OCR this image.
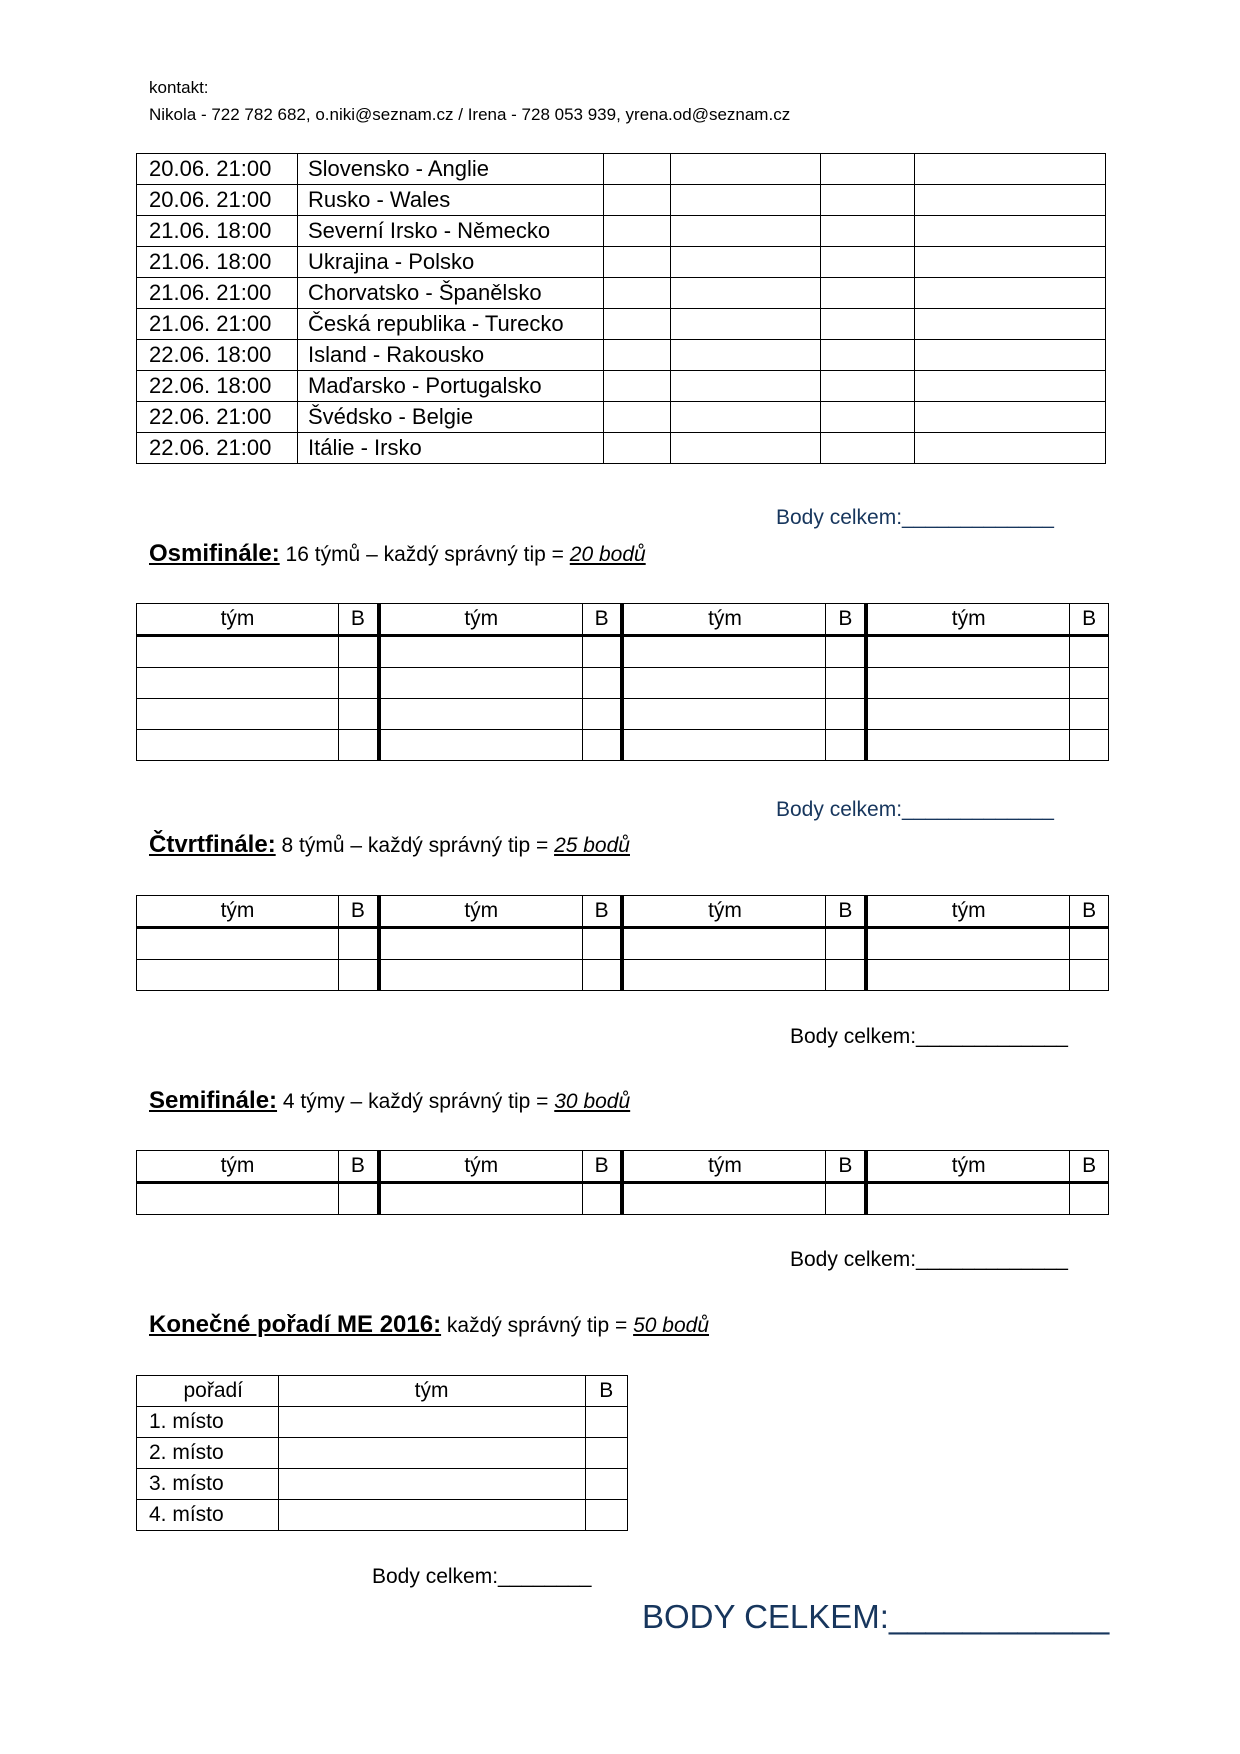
kontakt:
Nikola - 722 782 682, o.niki@seznam.cz / Irena - 728 053 939, yrena.od@seznam.cz
20.06. 21:00	Slovensko - Anglie				
20.06. 21:00	Rusko - Wales				
21.06. 18:00	Severní Irsko - Německo				
21.06. 18:00	Ukrajina - Polsko				
21.06. 21:00	Chorvatsko - Španělsko				
21.06. 21:00	Česká republika - Turecko				
22.06. 18:00	Island - Rakousko				
22.06. 18:00	Maďarsko - Portugalsko				
22.06. 21:00	Švédsko - Belgie				
22.06. 21:00	Itálie - Irsko				
Body celkem:_____________
Osmifinále: 16 týmů – každý správný tip = 20 bodů
tým	B	tým	B	tým	B	tým	B

Body celkem:_____________
Čtvrtfinále: 8 týmů – každý správný tip = 25 bodů
tým	B	tým	B	tým	B	tým	B

Body celkem:_____________
Semifinále: 4 týmy – každý správný tip = 30 bodů
tým	B	tým	B	tým	B	tým	B

Body celkem:_____________
Konečné pořadí ME 2016: každý správný tip = 50 bodů
pořadí	tým	B
1. místo		
2. místo		
3. místo		
4. místo		
Body celkem:________
BODY CELKEM:____________
